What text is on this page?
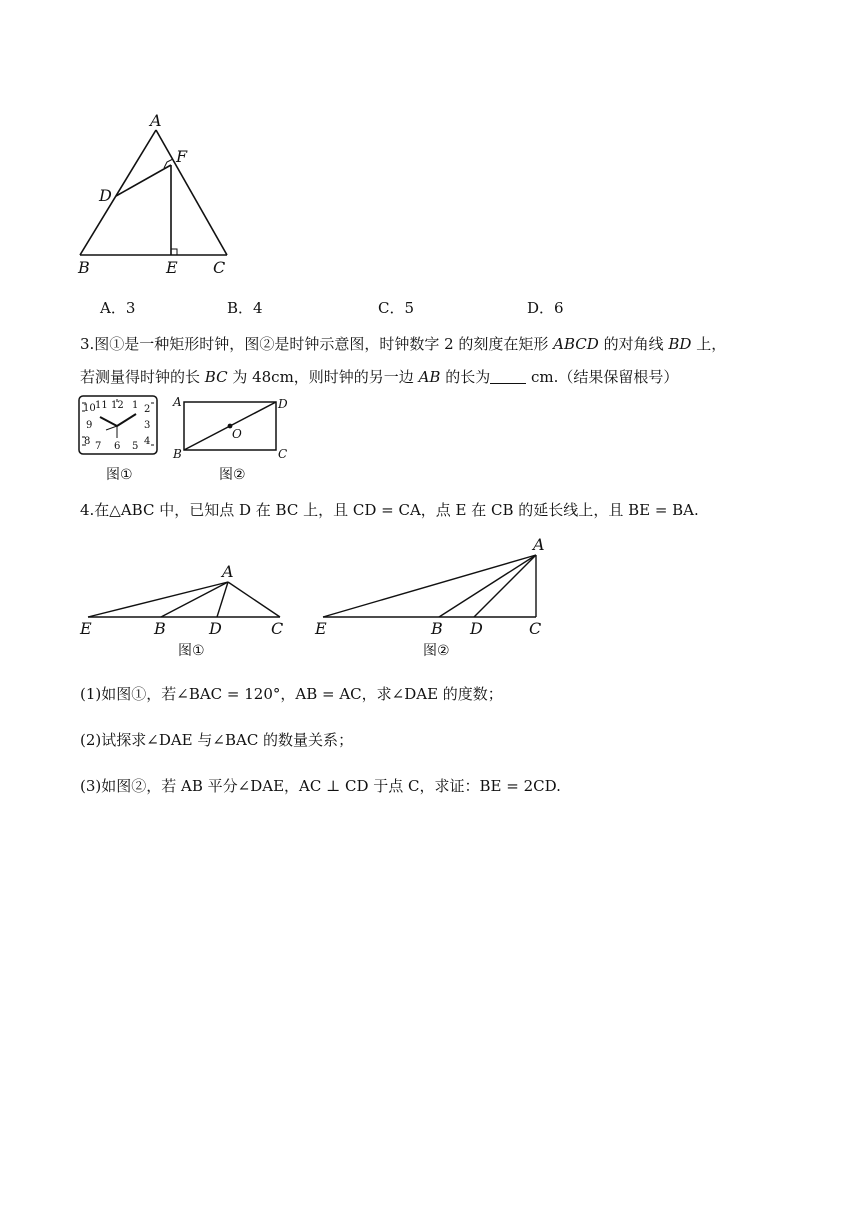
A
F
D
B	E C
A．3	B．4	C．5	D．6
3.图①是一种矩形时钟，图②是时钟示意图，时钟数字 2 的刻度在矩形 ABCD 的对角线 BD 上，
若测量得时钟的长 BC 为 48cm，则时钟的另一边 AB 的长为 cm.（结果保留根号）
10 11 12 1 2
9	3
8 7 6 5 4
A	D
O
B	C
图①	图②
4.在△ABC 中，已知点 D 在 BC 上，且 CD = CA，点 E 在 CB 的延长线上，且 BE = BA.
A
E	B	D	C
A
E	B D	C
图①	图②
(1)如图①，若∠BAC = 120°，AB = AC，求∠DAE 的度数；
(2)试探求∠DAE 与∠BAC 的数量关系；
(3)如图②，若 AB 平分∠DAE，AC ⊥ CD 于点 C，求证：BE = 2CD.
